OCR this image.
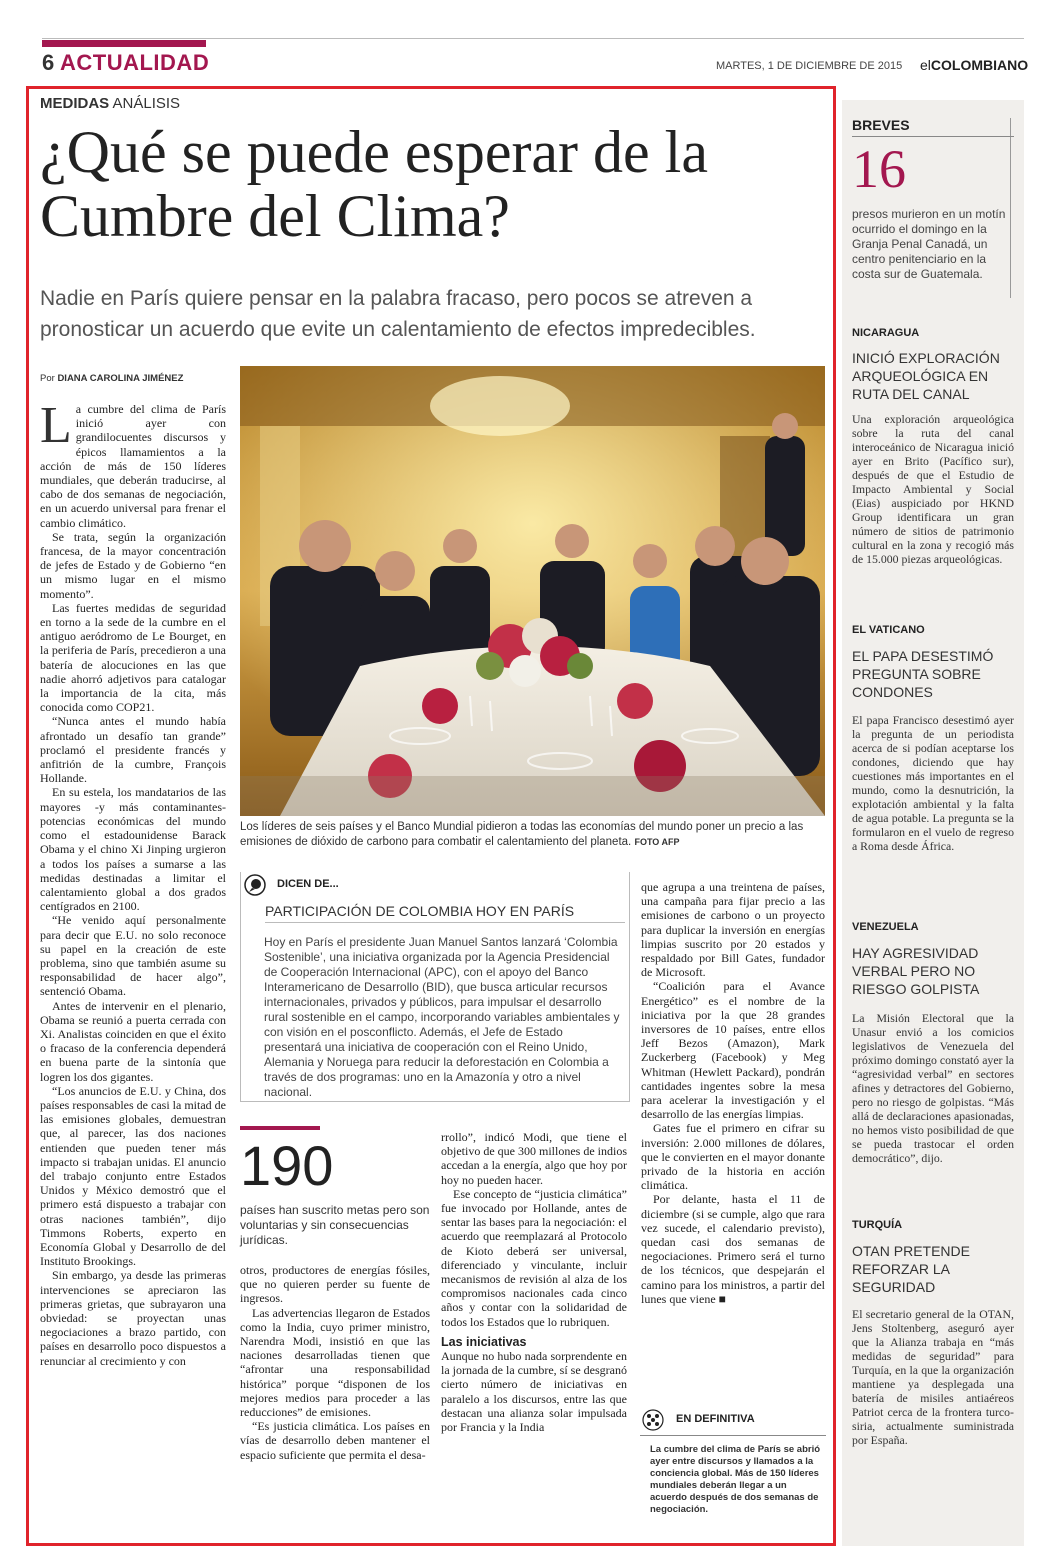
6 ACTUALIDAD	MARTES, 1 DE DICIEMBRE DE 2015 elCOLOMBIANO
MEDIDAS ANÁLISIS
¿Qué se puede esperar de la Cumbre del Clima?
Nadie en París quiere pensar en la palabra fracaso, pero pocos se atreven a pronosticar un acuerdo que evite un calentamiento de efectos impredecibles.
Por DIANA CAROLINA JIMÉNEZ

La cumbre del clima de París inició ayer con grandilocuentes discursos y épicos llamamientos a la acción de más de 150 líderes mundiales, que deberán traducirse, al cabo de dos semanas de negociación, en un acuerdo universal para frenar el cambio climático.

Se trata, según la organización francesa, de la mayor concentración de jefes de Estado y de Gobierno “en un mismo lugar en el mismo momento”.

Las fuertes medidas de seguridad en torno a la sede de la cumbre en el antiguo aeródromo de Le Bourget, en la periferia de París, precedieron a una batería de alocuciones en las que nadie ahorró adjetivos para catalogar la importancia de la cita, más conocida como COP21.

“Nunca antes el mundo había afrontado un desafío tan grande” proclamó el presidente francés y anfitrión de la cumbre, François Hollande.

En su estela, los mandatarios de las mayores -y más contaminantes- potencias económicas del mundo como el estadounidense Barack Obama y el chino Xi Jinping urgieron a todos los países a sumarse a las medidas destinadas a limitar el calentamiento global a dos grados centígrados en 2100.

“He venido aquí personalmente para decir que E.U. no solo reconoce su papel en la creación de este problema, sino que también asume su responsabilidad de hacer algo”, sentenció Obama.

Antes de intervenir en el plenario, Obama se reunió a puerta cerrada con Xi. Analistas coinciden en que el éxito o fracaso de la conferencia dependerá en buena parte de la sintonía que logren los dos gigantes.

“Los anuncios de E.U. y China, dos países responsables de casi la mitad de las emisiones globales, demuestran que, al parecer, las dos naciones entienden que pueden tener más impacto si trabajan unidas. El anuncio del trabajo conjunto entre Estados Unidos y México demostró que el primero está dispuesto a trabajar con otras naciones también”, dijo Timmons Roberts, experto en Economía Global y Desarrollo de del Instituto Brookings.

Sin embargo, ya desde las primeras intervenciones se apreciaron las primeras grietas, que subrayaron una obviedad: se proyectan unas negociaciones a brazo partido, con países en desarrollo poco dispuestos a renunciar al crecimiento y con

Los líderes de seis países y el Banco Mundial pidieron a todas las economías del mundo poner un precio a las emisiones de dióxido de carbono para combatir el calentamiento del planeta. FOTO AFP
DICEN DE...
PARTICIPACIÓN DE COLOMBIA HOY EN PARÍS
Hoy en París el presidente Juan Manuel Santos lanzará ‘Colombia Sostenible’, una iniciativa organizada por la Agencia Presidencial de Cooperación Internacional (APC), con el apoyo del Banco Interamericano de Desarrollo (BID), que busca articular recursos internacionales, privados y públicos, para impulsar el desarrollo rural sostenible en el campo, incorporando variables ambientales y con visión en el posconflicto. Además, el Jefe de Estado presentará una iniciativa de cooperación con el Reino Unido, Alemania y Noruega para reducir la deforestación en Colombia a través de dos programas: uno en la Amazonía y otro a nivel nacional.
190
países han suscrito metas pero son voluntarias y sin consecuencias jurídicas.

otros, productores de energías fósiles, que no quieren perder su fuente de ingresos.

Las advertencias llegaron de Estados como la India, cuyo primer ministro, Narendra Modi, insistió en que las naciones desarrolladas tienen que “afrontar una responsabilidad histórica” porque “disponen de los mejores medios para proceder a las reducciones” de emisiones.

“Es justicia climática. Los países en vías de desarrollo deben mantener el espacio suficiente que permita el desa-

rrollo”, indicó Modi, que tiene el objetivo de que 300 millones de indios accedan a la energía, algo que hoy por hoy no pueden hacer.

Ese concepto de “justicia climática” fue invocado por Hollande, antes de sentar las bases para la negociación: el acuerdo que reemplazará al Protocolo de Kioto deberá ser universal, diferenciado y vinculante, incluir mecanismos de revisión al alza de los compromisos nacionales cada cinco años y contar con la solidaridad de todos los Estados que lo rubriquen.

Las iniciativas

Aunque no hubo nada sorprendente en la jornada de la cumbre, sí se desgranó cierto número de iniciativas en paralelo a los discursos, entre las que destacan una alianza solar impulsada por Francia y la India

que agrupa a una treintena de países, una campaña para fijar precio a las emisiones de carbono o un proyecto para duplicar la inversión en energías limpias suscrito por 20 estados y respaldado por Bill Gates, fundador de Microsoft.

“Coalición para el Avance Energético” es el nombre de la iniciativa por la que 28 grandes inversores de 10 países, entre ellos Jeff Bezos (Amazon), Mark Zuckerberg (Facebook) y Meg Whitman (Hewlett Packard), pondrán cantidades ingentes sobre la mesa para acelerar la investigación y el desarrollo de las energías limpias.

Gates fue el primero en cifrar su inversión: 2.000 millones de dólares, que le convierten en el mayor donante privado de la historia en acción climática.

Por delante, hasta el 11 de diciembre (si se cumple, algo que rara vez sucede, el calendario previsto), quedan casi dos semanas de negociaciones. Primero será el turno de los técnicos, que despejarán el camino para los ministros, a partir del lunes que viene ■

EN DEFINITIVA
La cumbre del clima de París se abrió ayer entre discursos y llamados a la conciencia global. Más de 150 líderes mundiales deberán llegar a un acuerdo después de dos semanas de negociación.
BREVES
16
presos murieron en un motín ocurrido el domingo en la Granja Penal Canadá, un centro penitenciario en la costa sur de Guatemala.
NICARAGUA
INICIÓ EXPLORACIÓN ARQUEOLÓGICA EN RUTA DEL CANAL
Una exploración arqueológica sobre la ruta del canal interoceánico de Nicaragua inició ayer en Brito (Pacífico sur), después de que el Estudio de Impacto Ambiental y Social (Eias) auspiciado por HKND Group identificara un gran número de sitios de patrimonio cultural en la zona y recogió más de 15.000 piezas arqueológicas.
EL VATICANO
EL PAPA DESESTIMÓ PREGUNTA SOBRE CONDONES
El papa Francisco desestimó ayer la pregunta de un periodista acerca de si podían aceptarse los condones, diciendo que hay cuestiones más importantes en el mundo, como la desnutrición, la explotación ambiental y la falta de agua potable. La pregunta se la formularon en el vuelo de regreso a Roma desde África.
VENEZUELA
HAY AGRESIVIDAD VERBAL PERO NO RIESGO GOLPISTA
La Misión Electoral que la Unasur envió a los comicios legislativos de Venezuela del próximo domingo constató ayer la “agresividad verbal” en sectores afines y detractores del Gobierno, pero no riesgo de golpistas. “Más allá de declaraciones apasionadas, no hemos visto posibilidad de que se pueda trastocar el orden democrático”, dijo.
TURQUÍA
OTAN PRETENDE REFORZAR LA SEGURIDAD
El secretario general de la OTAN, Jens Stoltenberg, aseguró ayer que la Alianza trabaja en “más medidas de seguridad” para Turquía, en la que la organización mantiene ya desplegada una batería de misiles antiaéreos Patriot cerca de la frontera turco-siria, actualmente suministrada por España.
